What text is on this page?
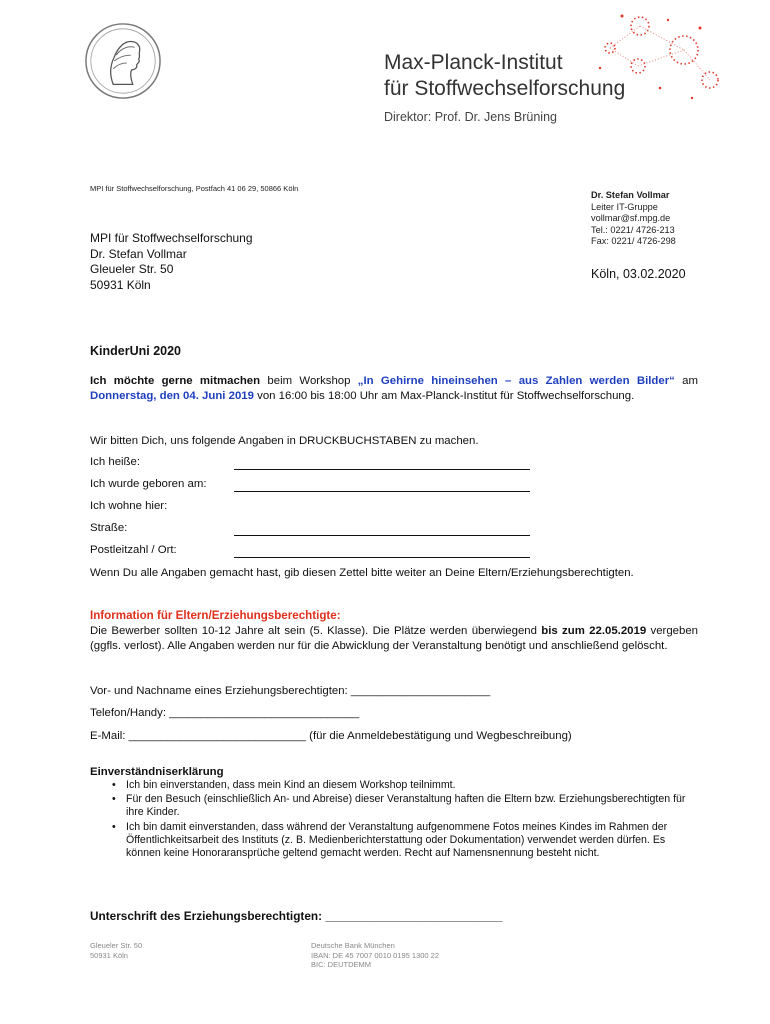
Max-Planck-Institut
für Stoffwechselforschung
Direktor: Prof. Dr. Jens Brüning
MPI für Stoffwechselforschung, Postfach 41 06 29, 50866 Köln
Dr. Stefan Vollmar
Leiter IT-Gruppe
vollmar@sf.mpg.de
Tel.: 0221/ 4726-213
Fax: 0221/ 4726-298
MPI für Stoffwechselforschung
Dr. Stefan Vollmar
Gleueler Str. 50
50931 Köln
Köln, 03.02.2020
KinderUni 2020
Ich möchte gerne mitmachen beim Workshop „In Gehirne hineinsehen – aus Zahlen werden Bilder“ am Donnerstag, den 04. Juni 2019 von 16:00 bis 18:00 Uhr am Max-Planck-Institut für Stoffwechselforschung.
Wir bitten Dich, uns folgende Angaben in DRUCKBUCHSTABEN zu machen.
Ich heiße:
Ich wurde geboren am:
Ich wohne hier:
Straße:
Postleitzahl / Ort:
Wenn Du alle Angaben gemacht hast, gib diesen Zettel bitte weiter an Deine Eltern/Erziehungsberechtigten.
Information für Eltern/Erziehungsberechtigte:
Die Bewerber sollten 10-12 Jahre alt sein (5. Klasse). Die Plätze werden überwiegend bis zum 22.05.2019 vergeben (ggfls. verlost). Alle Angaben werden nur für die Abwicklung der Veranstaltung benötigt und anschließend gelöscht.
Vor- und Nachname eines Erziehungsberechtigten: ______________________
Telefon/Handy: ______________________________
E-Mail: ____________________________ (für die Anmeldebestätigung und Wegbeschreibung)
Einverständniserklärung
• Ich bin einverstanden, dass mein Kind an diesem Workshop teilnimmt.
• Für den Besuch (einschließlich An- und Abreise) dieser Veranstaltung haften die Eltern bzw. Erziehungsberechtigten für ihre Kinder.
• Ich bin damit einverstanden, dass während der Veranstaltung aufgenommene Fotos meines Kindes im Rahmen der Öffentlichkeitsarbeit des Instituts (z. B. Medienberichterstattung oder Dokumentation) verwendet werden dürfen. Es können keine Honoraransprüche geltend gemacht werden. Recht auf Namensnennung besteht nicht.
Unterschrift des Erziehungsberechtigten: ___________________________
Gleueler Str. 50
50931 Köln
Deutsche Bank München
IBAN: DE 45 7007 0010 0195 1300 22
BIC: DEUTDEMM
